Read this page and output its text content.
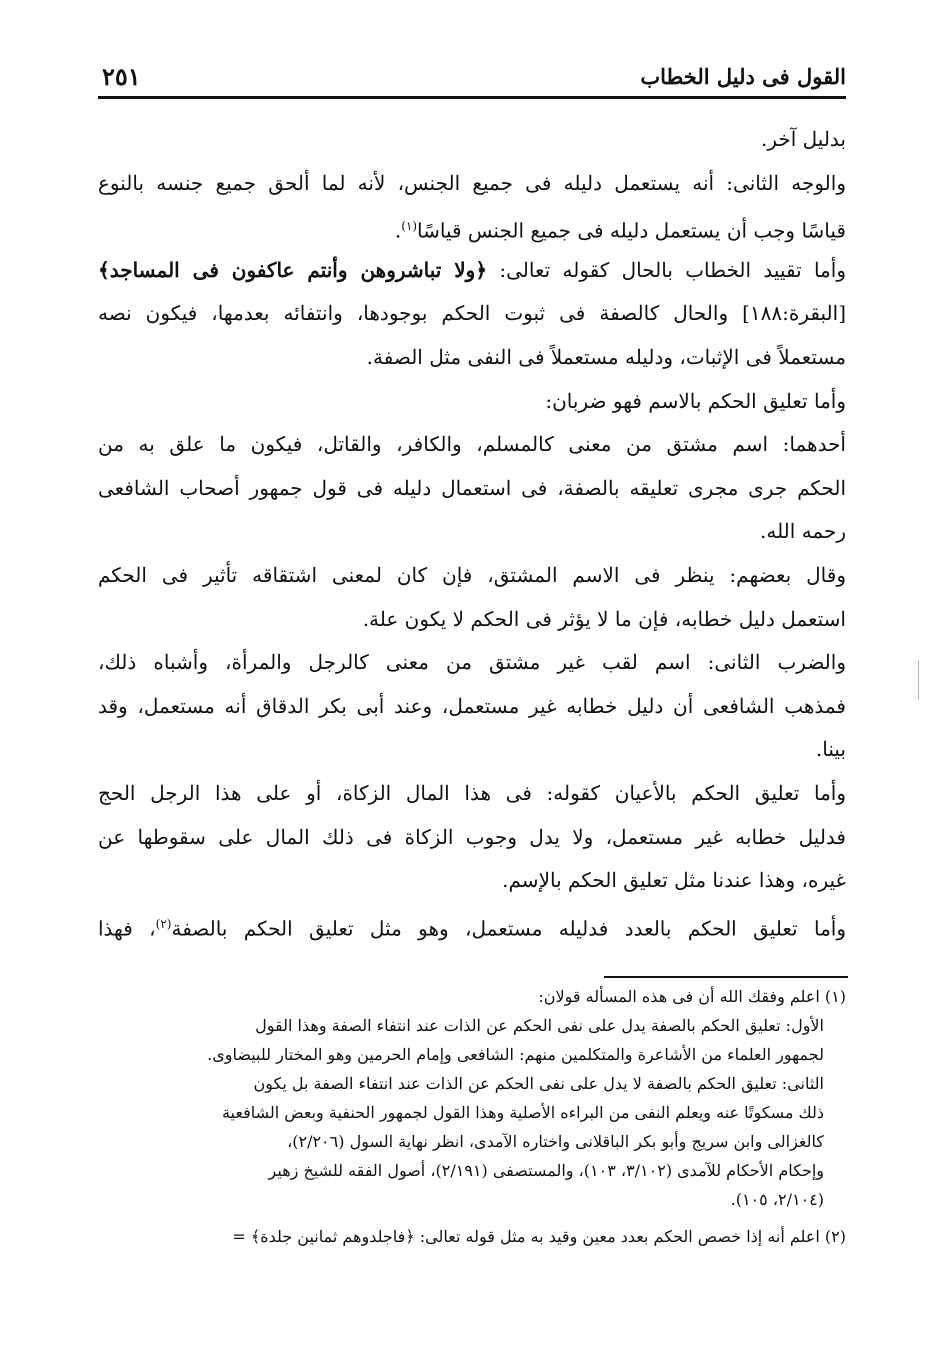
القول فى دليل الخطاب
٢٥١
بدليل آخر.
والوجه الثانى: أنه يستعمل دليله فى جميع الجنس، لأنه لما ألحق جميع جنسه بالنوع
قياسًا وجب أن يستعمل دليله فى جميع الجنس قياسًا$^{(١)}$.
وأما تقييد الخطاب بالحال كقوله تعالى: ﴿ولا تباشروهن وأنتم عاكفون فى المساجد﴾
[البقرة:١٨٨] والحال كالصفة فى ثبوت الحكم بوجودها، وانتفائه بعدمها، فيكون نصه
مستعملاً فى الإثبات، ودليله مستعملاً فى النفى مثل الصفة.
وأما تعليق الحكم بالاسم فهو ضربان:
أحدهما: اسم مشتق من معنى كالمسلم، والكافر، والقاتل، فيكون ما علق به من
الحكم جرى مجرى تعليقه بالصفة، فى استعمال دليله فى قول جمهور أصحاب الشافعى
رحمه الله.
وقال بعضهم: ينظر فى الاسم المشتق، فإن كان لمعنى اشتقاقه تأثير فى الحكم
استعمل دليل خطابه، فإن ما لا يؤثر فى الحكم لا يكون علة.
والضرب الثانى: اسم لقب غير مشتق من معنى كالرجل والمرأة، وأشباه ذلك،
فمذهب الشافعى أن دليل خطابه غير مستعمل، وعند أبى بكر الدقاق أنه مستعمل، وقد
بينا.
وأما تعليق الحكم بالأعيان كقوله: فى هذا المال الزكاة، أو على هذا الرجل الحج
فدليل خطابه غير مستعمل، ولا يدل وجوب الزكاة فى ذلك المال على سقوطها عن
غيره، وهذا عندنا مثل تعليق الحكم بالإسم.
وأما تعليق الحكم بالعدد فدليله مستعمل، وهو مثل تعليق الحكم بالصفة$^{(٢)}$، فهذا
(١) اعلم وفقك الله أن فى هذه المسأله قولان:
الأول: تعليق الحكم بالصفة يدل على نفى الحكم عن الذات عند انتفاء الصفة وهذا القول
لجمهور العلماء من الأشاعرة والمتكلمين منهم: الشافعى وإمام الحرمين وهو المختار للبيضاوى.
الثانى: تعليق الحكم بالصفة لا يدل على نفى الحكم عن الذات عند انتفاء الصفة بل يكون
ذلك مسكوتًا عنه ويعلم النفى من البراءه الأصلية وهذا القول لجمهور الحنفية وبعض الشافعية
كالغزالى وابن سريج وأبو بكر الباقلانى واختاره الآمدى، انظر نهاية السول (٢/٢٠٦)،
وإحكام الأحكام للآمدى (٣/١٠٢، ١٠٣)، والمستصفى (٢/١٩١)، أصول الفقه للشيخ زهير
(٢/١٠٤، ١٠٥).
(٢) اعلم أنه إذا خصص الحكم بعدد معين وقيد به مثل قوله تعالى: ﴿فاجلدوهم ثمانين جلدة﴾ =
